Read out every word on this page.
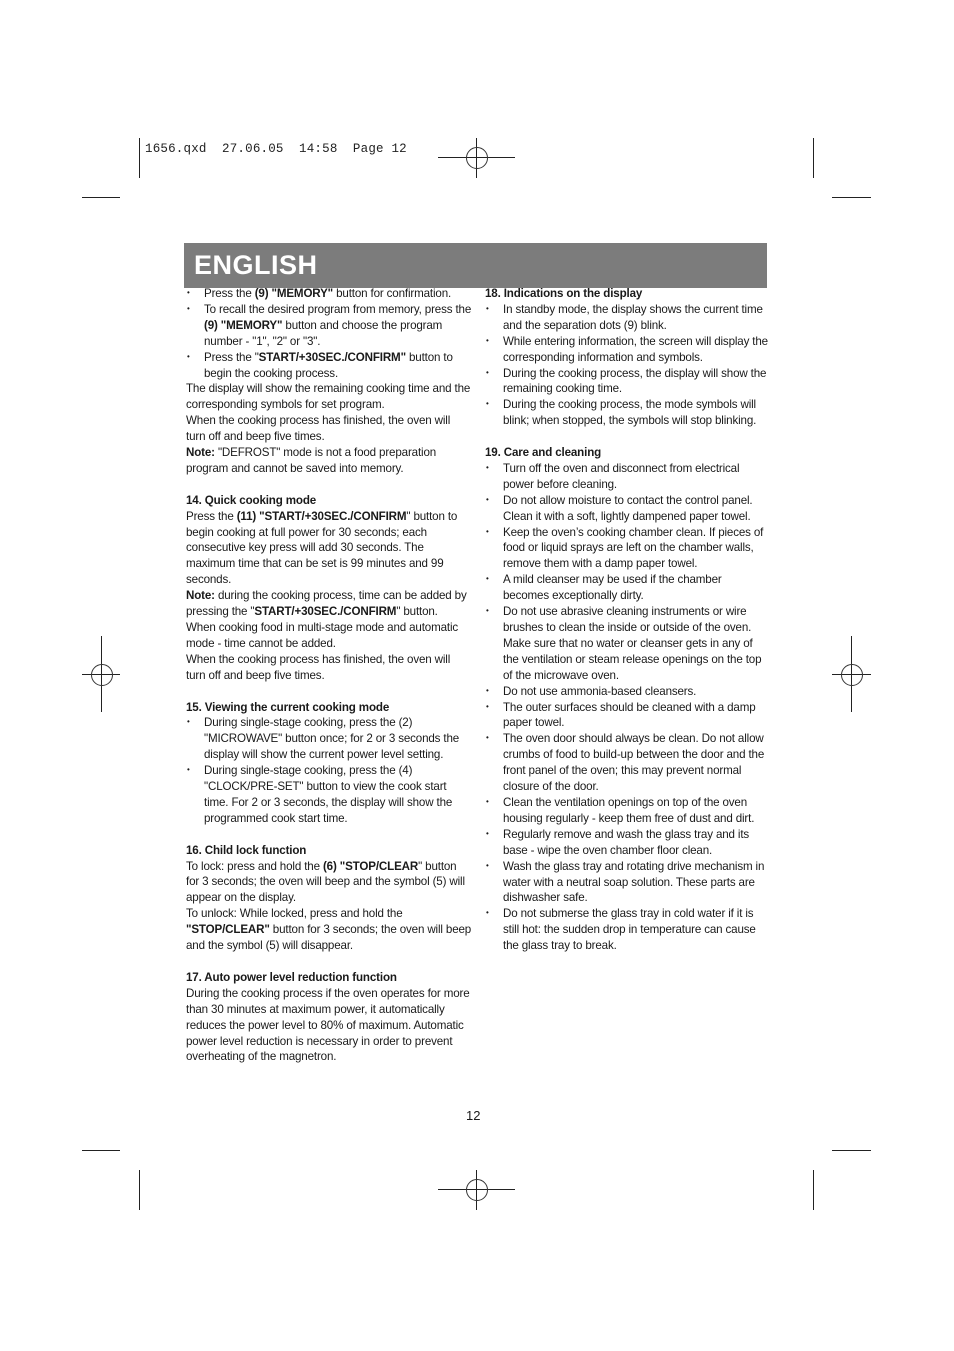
1656.qxd  27.06.05  14:58  Page 12
ENGLISH
• Press the (9) "MEMORY" button for confirmation.
• To recall the desired program from memory, press the (9) "MEMORY" button and choose the program number - "1", "2" or "3".
• Press the "START/+30SEC./CONFIRM" button to begin the cooking process.

The display will show the remaining cooking time and the corresponding symbols for set program.

When the cooking process has finished, the oven will turn off and beep five times.

Note: "DEFROST" mode is not a food preparation program and cannot be saved into memory.

14. Quick cooking mode

Press the (11) "START/+30SEC./CONFIRM" button to begin cooking at full power for 30 seconds; each consecutive key press will add 30 seconds. The maximum time that can be set is 99 minutes and 99 seconds.

Note: during the cooking process, time can be added by pressing the "START/+30SEC./CONFIRM" button.

When cooking food in multi-stage mode and automatic mode - time cannot be added.

When the cooking process has finished, the oven will turn off and beep five times.

15. Viewing the current cooking mode

• During single-stage cooking, press the (2) "MICROWAVE" button once; for 2 or 3 seconds the display will show the current power level setting.
• During single-stage cooking, press the (4) "CLOCK/PRE-SET" button to view the cook start time. For 2 or 3 seconds, the display will show the programmed cook start time.

16. Child lock function

To lock: press and hold the (6) "STOP/CLEAR" button for 3 seconds; the oven will beep and the symbol (5) will appear on the display.

To unlock: While locked, press and hold the

"STOP/CLEAR" button for 3 seconds; the oven will beep and the symbol (5) will disappear.

17. Auto power level reduction function

During the cooking process if the oven operates for more than 30 minutes at maximum power, it automatically reduces the power level to 80% of maximum. Automatic power level reduction is necessary in order to prevent overheating of the magnetron.

18. Indications on the display

• In standby mode, the display shows the current time and the separation dots (9) blink.
• While entering information, the screen will display the corresponding information and symbols.
• During the cooking process, the display will show the remaining cooking time.
• During the cooking process, the mode symbols will blink; when stopped, the symbols will stop blinking.

19. Care and cleaning

• Turn off the oven and disconnect from electrical power before cleaning.
• Do not allow moisture to contact the control panel. Clean it with a soft, lightly dampened paper towel.
• Keep the oven’s cooking chamber clean. If pieces of food or liquid sprays are left on the chamber walls, remove them with a damp paper towel.
• A mild cleanser may be used if the chamber becomes exceptionally dirty.
• Do not use abrasive cleaning instruments or wire brushes to clean the inside or outside of the oven. Make sure that no water or cleanser gets in any of the ventilation or steam release openings on the top of the microwave oven.
• Do not use ammonia-based cleansers.
• The outer surfaces should be cleaned with a damp paper towel.
• The oven door should always be clean. Do not allow crumbs of food to build-up between the door and the front panel of the oven; this may prevent normal closure of the door.
• Clean the ventilation openings on top of the oven housing regularly - keep them free of dust and dirt.
• Regularly remove and wash the glass tray and its base - wipe the oven chamber floor clean.
• Wash the glass tray and rotating drive mechanism in water with a neutral soap solution. These parts are dishwasher safe.
• Do not submerse the glass tray in cold water if it is still hot: the sudden drop in temperature can cause the glass tray to break.
12
